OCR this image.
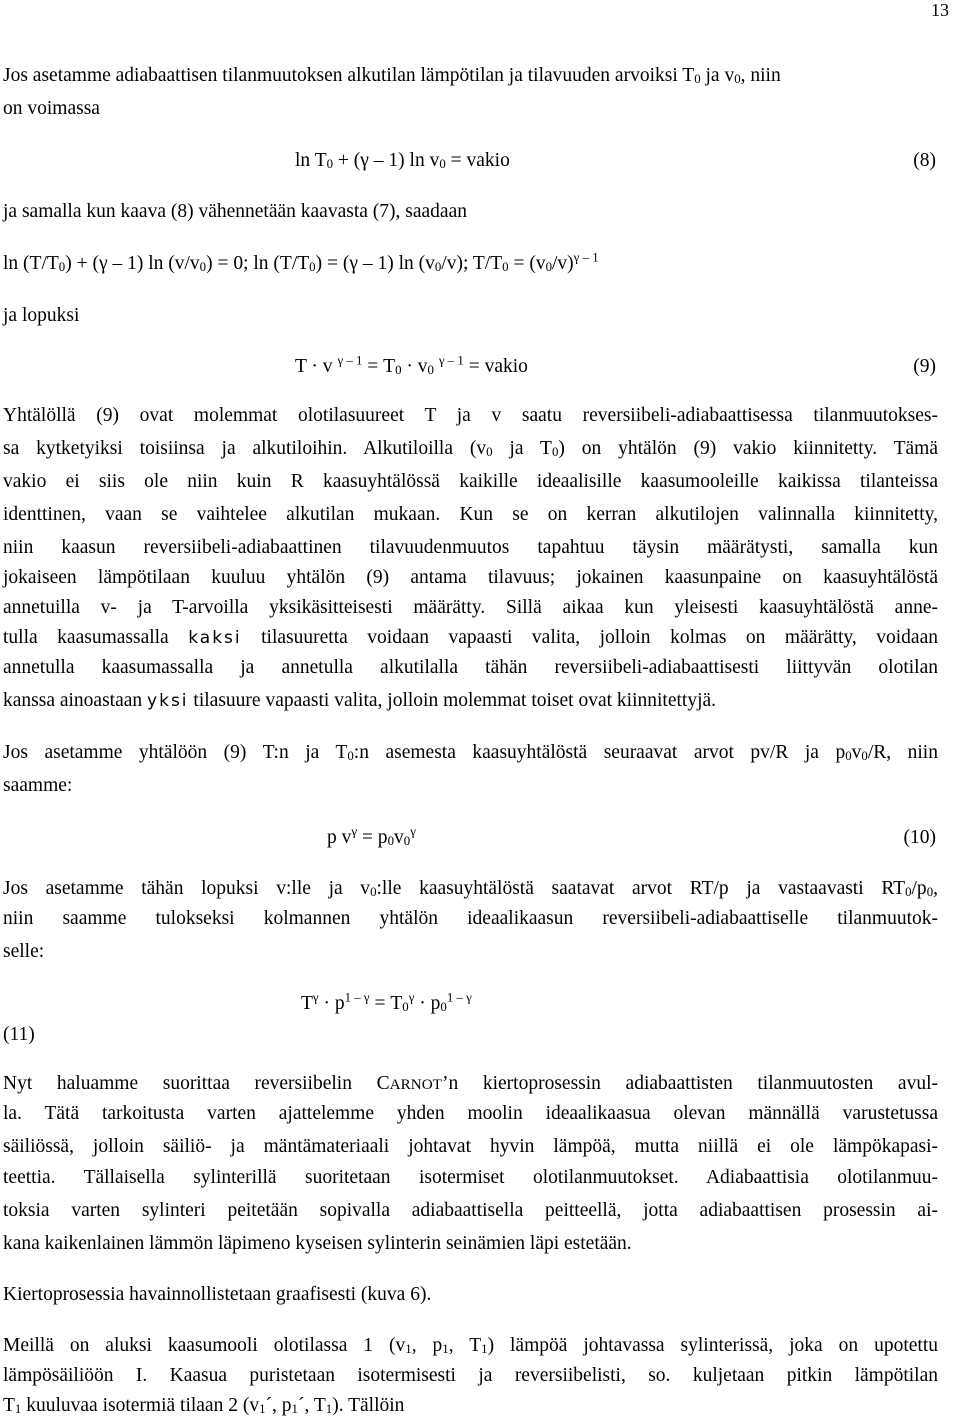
13
Jos asetamme adiabaattisen tilanmuutoksen alkutilan lämpötilan ja tilavuuden arvoiksi $T_0$ ja $v_0$, niin
on voimassa
$\ln T_0 + (\gamma - 1)$ $\ln v_0$ = vakio	(8)
ja samalla kun kaava (8) vähennetään kaavasta (7), saadaan
$\ln (T/T_0) + (\gamma - 1)$ $\ln (v/v_0) = 0$; $\ln (T/T_0) = (\gamma - 1)$ $\ln (v_0/v)$; $T/T_0 = (v_0/v)^{\gamma - 1}$
ja lopuksi
T · v $^{\gamma - 1} = T_0 \cdot v_0$ $^{\gamma - 1}$ = vakio	(9)
Yhtälöllä (9) ovat molemmat olotilasuureet T ja v saatu reversiibeli-adiabaattisessa tilanmuutokses-
sa kytketyiksi toisiinsa ja alkutiloihin. Alkutiloilla ($v_0$ ja $T_0$) on yhtälön (9) vakio kiinnitetty. Tämä
vakio ei siis ole niin kuin R kaasuyhtälössä kaikille ideaalisille kaasumooleille kaikissa tilanteissa
identtinen, vaan se vaihtelee alkutilan mukaan. Kun se on kerran alkutilojen valinnalla kiinnitetty,
niin kaasun reversiibeli-adiabaattinen tilavuudenmuutos tapahtuu täysin määrätysti, samalla kun
jokaiseen lämpötilaan kuuluu yhtälön (9) antama tilavuus; jokainen kaasunpaine on kaasuyhtälöstä
annetuilla v- ja T-arvoilla yksikäsitteisesti määrätty. Sillä aikaa kun yleisesti kaasuyhtälöstä anne-
tulla kaasumassalla kaksi tilasuuretta voidaan vapaasti valita, jolloin kolmas on määrätty, voidaan
annetulla kaasumassalla ja annetulla alkutilalla tähän reversiibeli-adiabaattisesti liittyvän olotilan
kanssa ainoastaan yksi tilasuure vapaasti valita, jolloin molemmat toiset ovat kiinnitettyjä.
Jos asetamme yhtälöön (9) T:n ja $T_0:n$ asemesta kaasuyhtälöstä seuraavat arvot pv/R ja $p_0v_0/R$, niin
saamme:
p $v^\gamma = p_0v_0^\gamma$	(10)
Jos asetamme tähän lopuksi v:lle ja $v_0:lle$ kaasuyhtälöstä saatavat arvot RT/p ja vastaavasti $RT_0/p_0$,
niin saamme tulokseksi kolmannen yhtälön ideaalikaasun reversiibeli-adiabaattiselle tilanmuutok-
selle:
$T^\gamma \cdot p^{1 - \gamma} = T_0^\gamma \cdot p_0^{1 - \gamma}$
(11)
Nyt haluamme suorittaa reversiibelin CARNOT’n kiertoprosessin adiabaattisten tilanmuutosten avul-
la. Tätä tarkoitusta varten ajattelemme yhden moolin ideaalikaasua olevan männällä varustetussa
säiliössä, jolloin säiliö- ja mäntämateriaali johtavat hyvin lämpöä, mutta niillä ei ole lämpökapasi-
teettia. Tällaisella sylinterillä suoritetaan isotermiset olotilanmuutokset. Adiabaattisia olotilanmuu-
toksia varten sylinteri peitetään sopivalla adiabaattisella peitteellä, jotta adiabaattisen prosessin ai-
kana kaikenlainen lämmön läpimeno kyseisen sylinterin seinämien läpi estetään.
Kiertoprosessia havainnollistetaan graafisesti (kuva 6).
Meillä on aluksi kaasumooli olotilassa 1 ($v_1$, $p_1$, $T_1$) lämpöä johtavassa sylinterissä, joka on upotettu
lämpösäiliöön I. Kaasua puristetaan isotermisesti ja reversiibelisti, so. kuljetaan pitkin lämpötilan
$T_1$ kuuluvaa isotermiä tilaan 2 ($v_1´$, $p_1´$, $T_1$). Tällöin
